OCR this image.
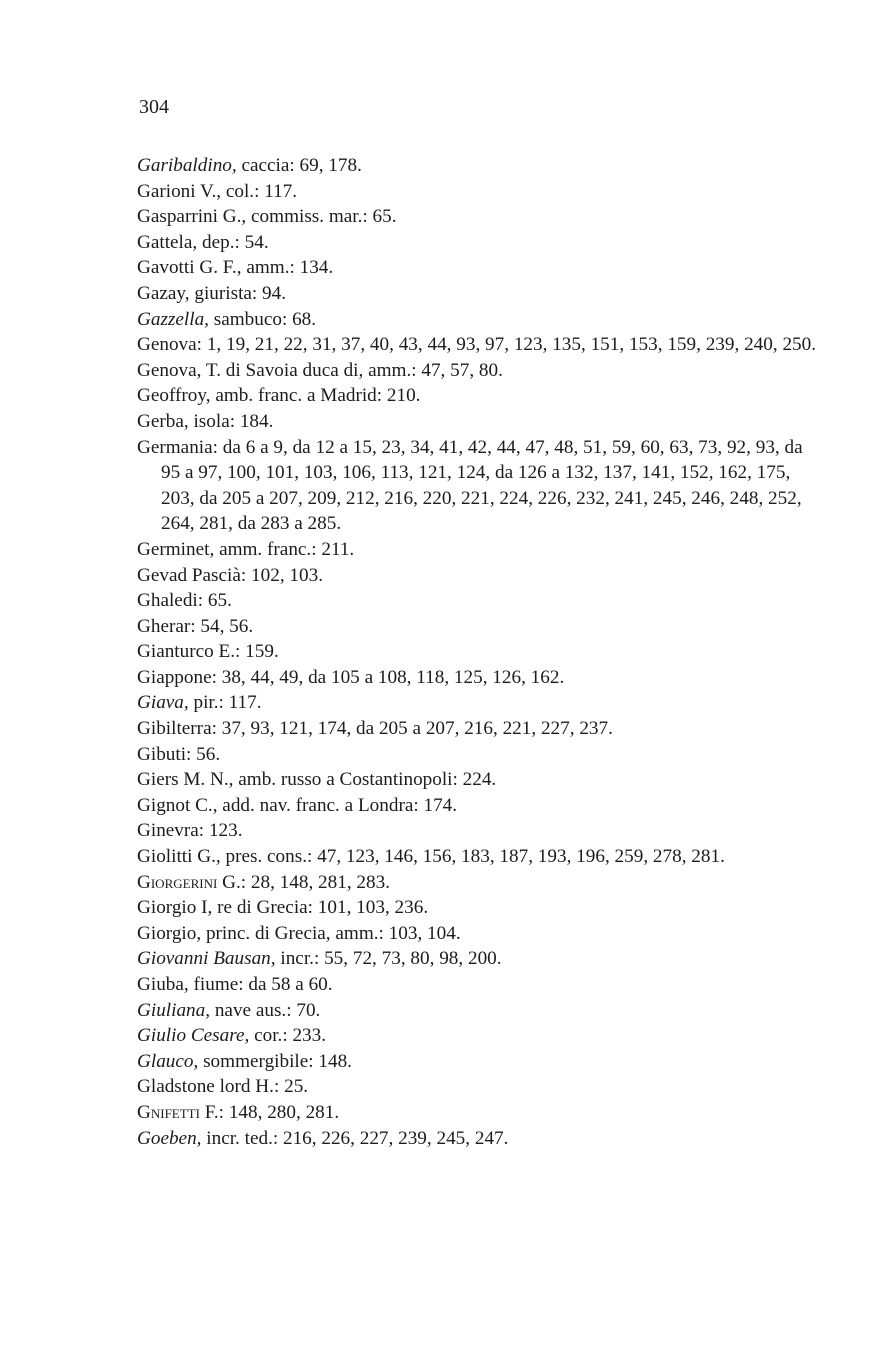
304
Garibaldino, caccia: 69, 178.
Garioni V., col.: 117.
Gasparrini G., commiss. mar.: 65.
Gattela, dep.: 54.
Gavotti G. F., amm.: 134.
Gazay, giurista: 94.
Gazzella, sambuco: 68.
Genova: 1, 19, 21, 22, 31, 37, 40, 43, 44, 93, 97, 123, 135, 151, 153, 159, 239, 240, 250.
Genova, T. di Savoia duca di, amm.: 47, 57, 80.
Geoffroy, amb. franc. a Madrid: 210.
Gerba, isola: 184.
Germania: da 6 a 9, da 12 a 15, 23, 34, 41, 42, 44, 47, 48, 51, 59, 60, 63, 73, 92, 93, da 95 a 97, 100, 101, 103, 106, 113, 121, 124, da 126 a 132, 137, 141, 152, 162, 175, 203, da 205 a 207, 209, 212, 216, 220, 221, 224, 226, 232, 241, 245, 246, 248, 252, 264, 281, da 283 a 285.
Germinet, amm. franc.: 211.
Gevad Pascià: 102, 103.
Ghaledi: 65.
Gherar: 54, 56.
Gianturco E.: 159.
Giappone: 38, 44, 49, da 105 a 108, 118, 125, 126, 162.
Giava, pir.: 117.
Gibilterra: 37, 93, 121, 174, da 205 a 207, 216, 221, 227, 237.
Gibuti: 56.
Giers M. N., amb. russo a Costantinopoli: 224.
Gignot C., add. nav. franc. a Londra: 174.
Ginevra: 123.
Giolitti G., pres. cons.: 47, 123, 146, 156, 183, 187, 193, 196, 259, 278, 281.
Giorgerini G.: 28, 148, 281, 283.
Giorgio I, re di Grecia: 101, 103, 236.
Giorgio, princ. di Grecia, amm.: 103, 104.
Giovanni Bausan, incr.: 55, 72, 73, 80, 98, 200.
Giuba, fiume: da 58 a 60.
Giuliana, nave aus.: 70.
Giulio Cesare, cor.: 233.
Glauco, sommergibile: 148.
Gladstone lord H.: 25.
Gnifetti F.: 148, 280, 281.
Goeben, incr. ted.: 216, 226, 227, 239, 245, 247.
